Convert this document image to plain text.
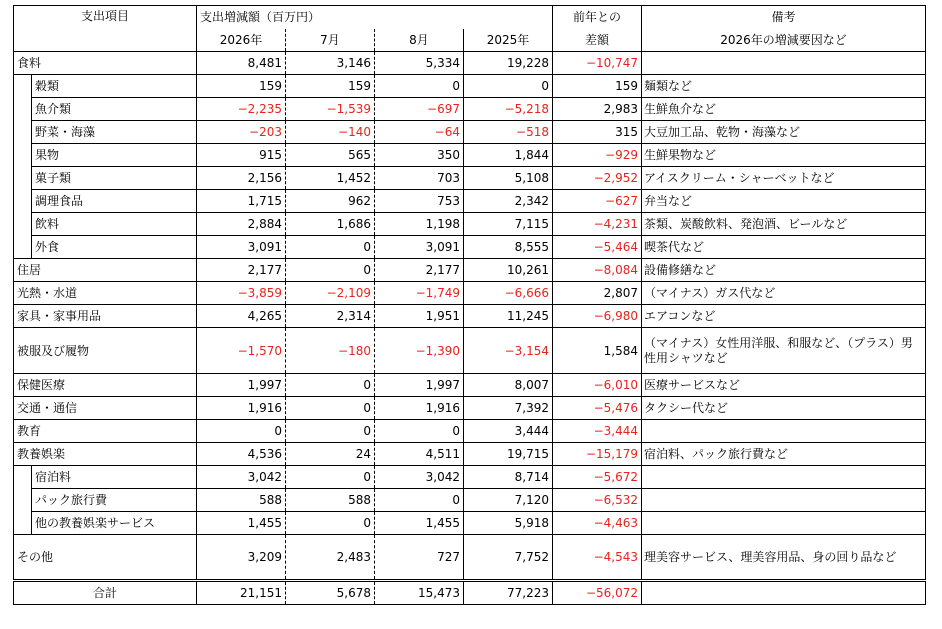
支出項目		支出増減額（百万円）				前年との	備考
		2026年	7月	8月	2025年	差額	2026年の増減要因など
食料		8,481	3,146	5,334	19,228	−10,747	
	穀類	159	159	0	0	159	麺類など
	魚介類	−2,235	−1,539	−697	−5,218	2,983	生鮮魚介など
	野菜・海藻	−203	−140	−64	−518	315	大豆加工品、乾物・海藻など
	果物	915	565	350	1,844	−929	生鮮果物など
	菓子類	2,156	1,452	703	5,108	−2,952	アイスクリーム・シャーベットなど
	調理食品	1,715	962	753	2,342	−627	弁当など
	飲料	2,884	1,686	1,198	7,115	−4,231	茶類、炭酸飲料、発泡酒、ビールなど
	外食	3,091	0	3,091	8,555	−5,464	喫茶代など
住居		2,177	0	2,177	10,261	−8,084	設備修繕など
光熱・水道		−3,859	−2,109	−1,749	−6,666	2,807	（マイナス）ガス代など
家具・家事用品		4,265	2,314	1,951	11,245	−6,980	エアコンなど
被服及び履物		−1,570	−180	−1,390	−3,154	1,584	（マイナス）女性用洋服、和服など、（プラス）男性用シャツなど
保健医療		1,997	0	1,997	8,007	−6,010	医療サービスなど
交通・通信		1,916	0	1,916	7,392	−5,476	タクシー代など
教育		0	0	0	3,444	−3,444	
教養娯楽		4,536	24	4,511	19,715	−15,179	宿泊料、パック旅行費など
	宿泊料	3,042	0	3,042	8,714	−5,672	
	パック旅行費	588	588	0	7,120	−6,532	
	他の教養娯楽サービス	1,455	0	1,455	5,918	−4,463	
その他		3,209	2,483	727	7,752	−4,543	理美容サービス、理美容用品、身の回り品など
合計		21,151	5,678	15,473	77,223	−56,072	
